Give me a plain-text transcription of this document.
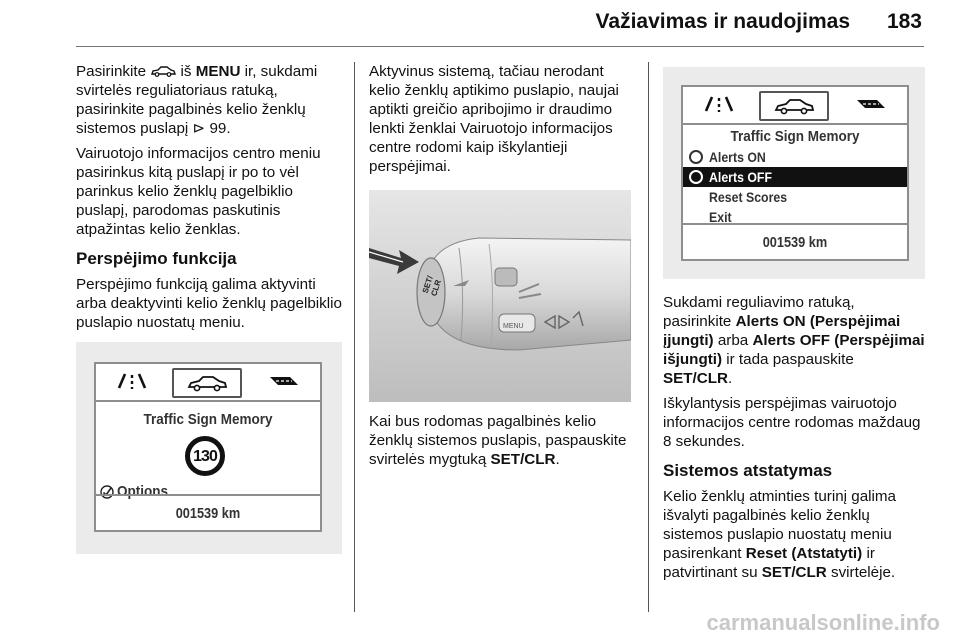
Važiavimas ir naudojimas 183

Pasirinkite  iš MENU ir, sukdami svirtelės reguliatoriaus ratuką, pasirinkite pagalbinės kelio ženklų sistemos puslapį ⊳ 99.

Vairuotojo informacijos centro meniu pasirinkus kitą puslapį ir po to vėl parinkus kelio ženklų pagelbiklio puslapį, parodomas paskutinis atpažintas kelio ženklas.

Perspėjimo funkcija

Perspėjimo funkciją galima aktyvinti arba deaktyvinti kelio ženklų pagelbiklio puslapio nuostatų meniu.

Traffic Sign Memory
130
Options
001539 km

Aktyvinus sistemą, tačiau nerodant kelio ženklų aptikimo puslapio, naujai aptikti greičio apribojimo ir draudimo lenkti ženklai Vairuotojo informacijos centre rodomi kaip iškylantieji perspėjimai.

SET/ CLR
MENU

Kai bus rodomas pagalbinės kelio ženklų sistemos puslapis, paspauskite svirtelės mygtuką SET/CLR.

Traffic Sign Memory
Alerts ON
Alerts OFF
Reset Scores
Exit
001539 km

Sukdami reguliavimo ratuką, pasirinkite Alerts ON (Perspėjimai įjungti) arba Alerts OFF (Perspėjimai išjungti) ir tada paspauskite SET/CLR.

Iškylantysis perspėjimas vairuotojo informacijos centre rodomas maždaug 8 sekundes.

Sistemos atstatymas

Kelio ženklų atminties turinį galima išvalyti pagalbinės kelio ženklų sistemos puslapio nuostatų meniu pasirenkant Reset (Atstatyti) ir patvirtinant su SET/CLR svirtelėje.

carmanualsonline.info
